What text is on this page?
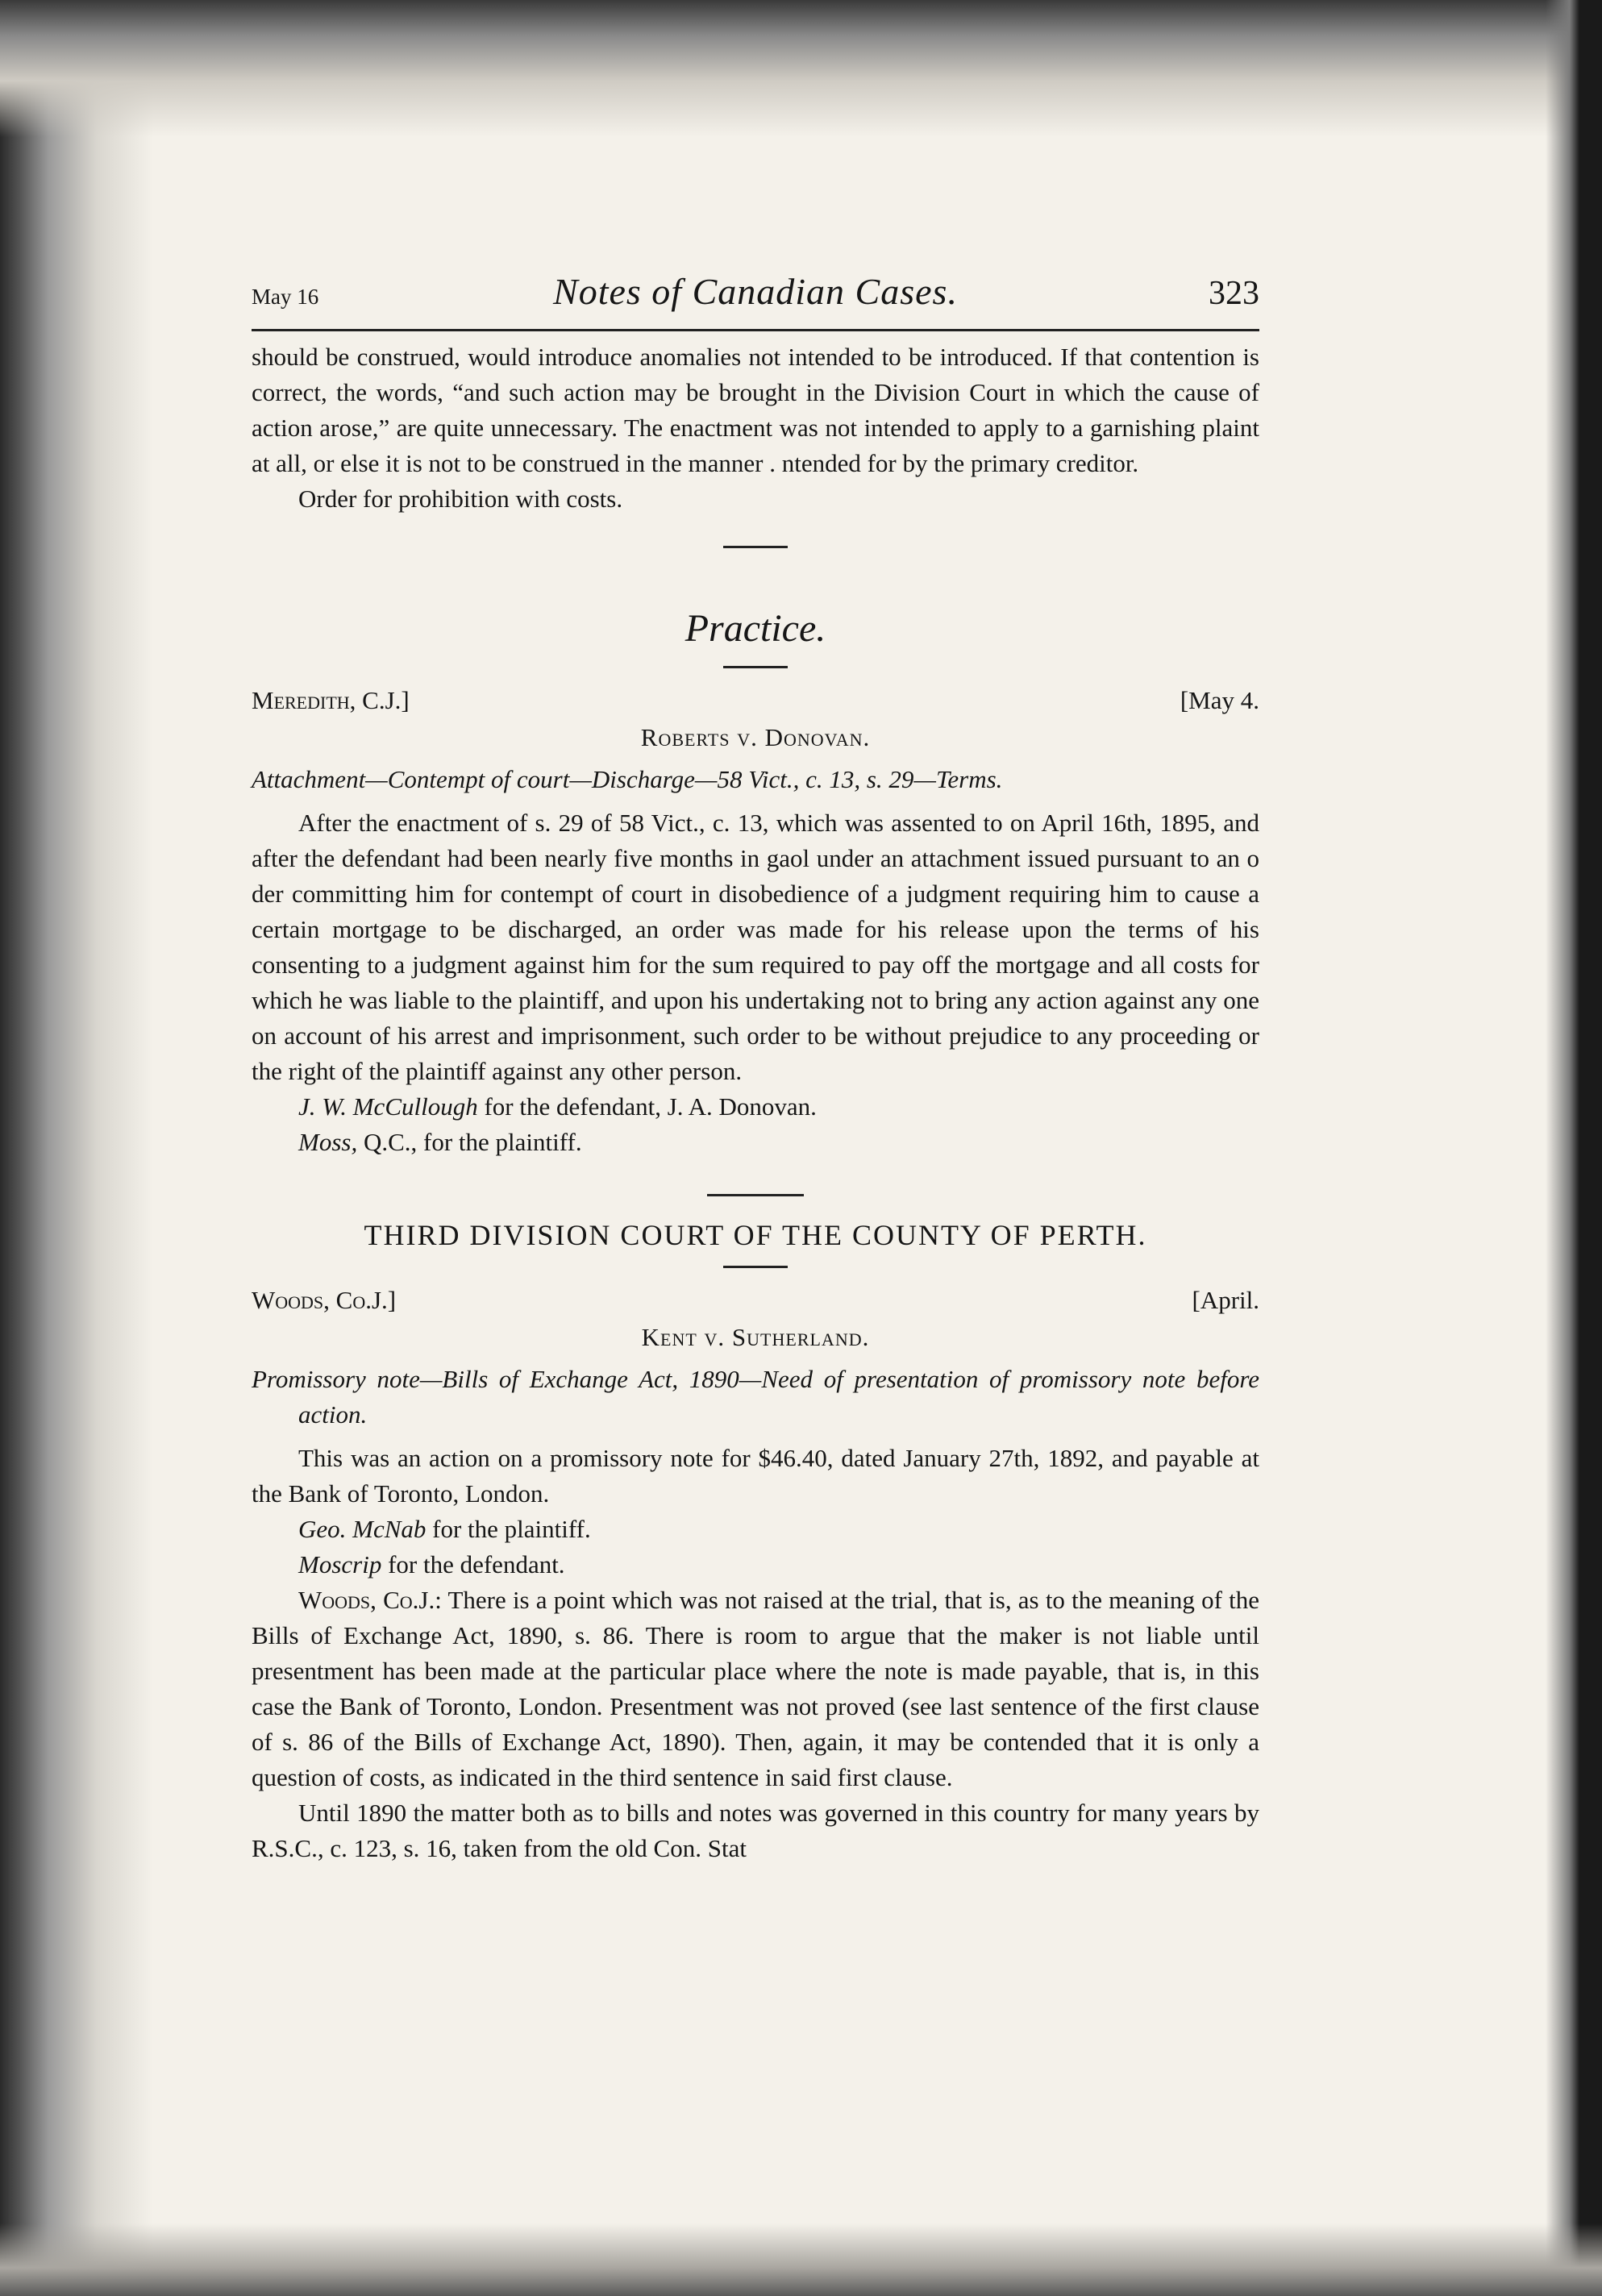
May 16	Notes of Canadian Cases.	323

should be construed, would introduce anomalies not intended to be introduced. If that contention is correct, the words, “and such action may be brought in the Division Court in which the cause of action arose,” are quite unnecessary. The enactment was not intended to apply to a garnishing plaint at all, or else it is not to be construed in the manner . ntended for by the primary creditor.

Order for prohibition with costs.

Practice.
Meredith, C.J.]	[May 4.
Roberts v. Donovan.

Attachment—Contempt of court—Discharge—58 Vict., c. 13, s. 29—Terms.

After the enactment of s. 29 of 58 Vict., c. 13, which was assented to on April 16th, 1895, and after the defendant had been nearly five months in gaol under an attachment issued pursuant to an o der committing him for contempt of court in disobedience of a judgment requiring him to cause a certain mortgage to be discharged, an order was made for his release upon the terms of his consenting to a judgment against him for the sum required to pay off the mortgage and all costs for which he was liable to the plaintiff, and upon his undertaking not to bring any action against any one on account of his arrest and imprisonment, such order to be without prejudice to any proceeding or the right of the plaintiff against any other person.

J. W. McCullough for the defendant, J. A. Donovan.

Moss, Q.C., for the plaintiff.

THIRD DIVISION COURT OF THE COUNTY OF PERTH.
Woods, Co.J.]	[April.
Kent v. Sutherland.

Promissory note—Bills of Exchange Act, 1890—Need of presentation of promissory note before action.

This was an action on a promissory note for $46.40, dated January 27th, 1892, and payable at the Bank of Toronto, London.

Geo. McNab for the plaintiff.

Moscrip for the defendant.

Woods, Co.J.: There is a point which was not raised at the trial, that is, as to the meaning of the Bills of Exchange Act, 1890, s. 86. There is room to argue that the maker is not liable until presentment has been made at the particular place where the note is made payable, that is, in this case the Bank of Toronto, London. Presentment was not proved (see last sentence of the first clause of s. 86 of the Bills of Exchange Act, 1890). Then, again, it may be contended that it is only a question of costs, as indicated in the third sentence in said first clause.

Until 1890 the matter both as to bills and notes was governed in this country for many years by R.S.C., c. 123, s. 16, taken from the old Con. Stat
